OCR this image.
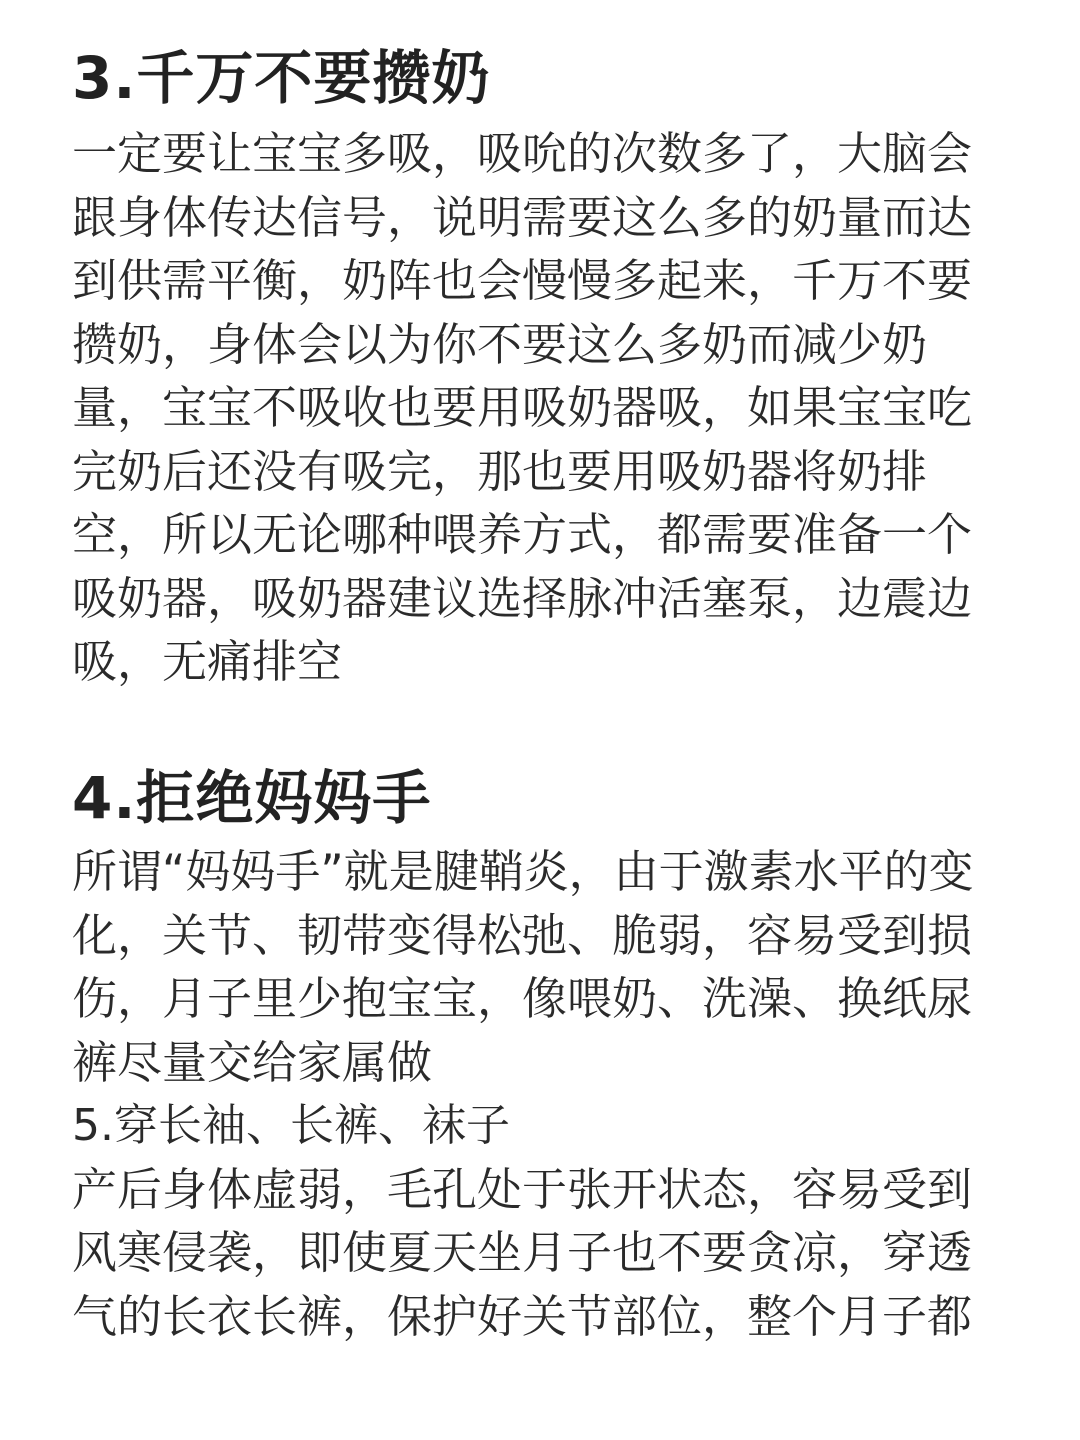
3.千万不要攒奶
一定要让宝宝多吸，吸吮的次数多了，大脑会
跟身体传达信号，说明需要这么多的奶量而达
到供需平衡，奶阵也会慢慢多起来，千万不要
攒奶，身体会以为你不要这么多奶而减少奶
量，宝宝不吸收也要用吸奶器吸，如果宝宝吃
完奶后还没有吸完，那也要用吸奶器将奶排
空，所以无论哪种喂养方式，都需要准备一个
吸奶器，吸奶器建议选择脉冲活塞泵，边震边
吸，无痛排空
4.拒绝妈妈手
所谓“妈妈手”就是腱鞘炎，由于激素水平的变
化，关节、韧带变得松弛、脆弱，容易受到损
伤，月子里少抱宝宝，像喂奶、洗澡、换纸尿
裤尽量交给家属做
5.穿长袖、长裤、袜子
产后身体虚弱，毛孔处于张开状态，容易受到
风寒侵袭，即使夏天坐月子也不要贪凉，穿透
气的长衣长裤，保护好关节部位，整个月子都
